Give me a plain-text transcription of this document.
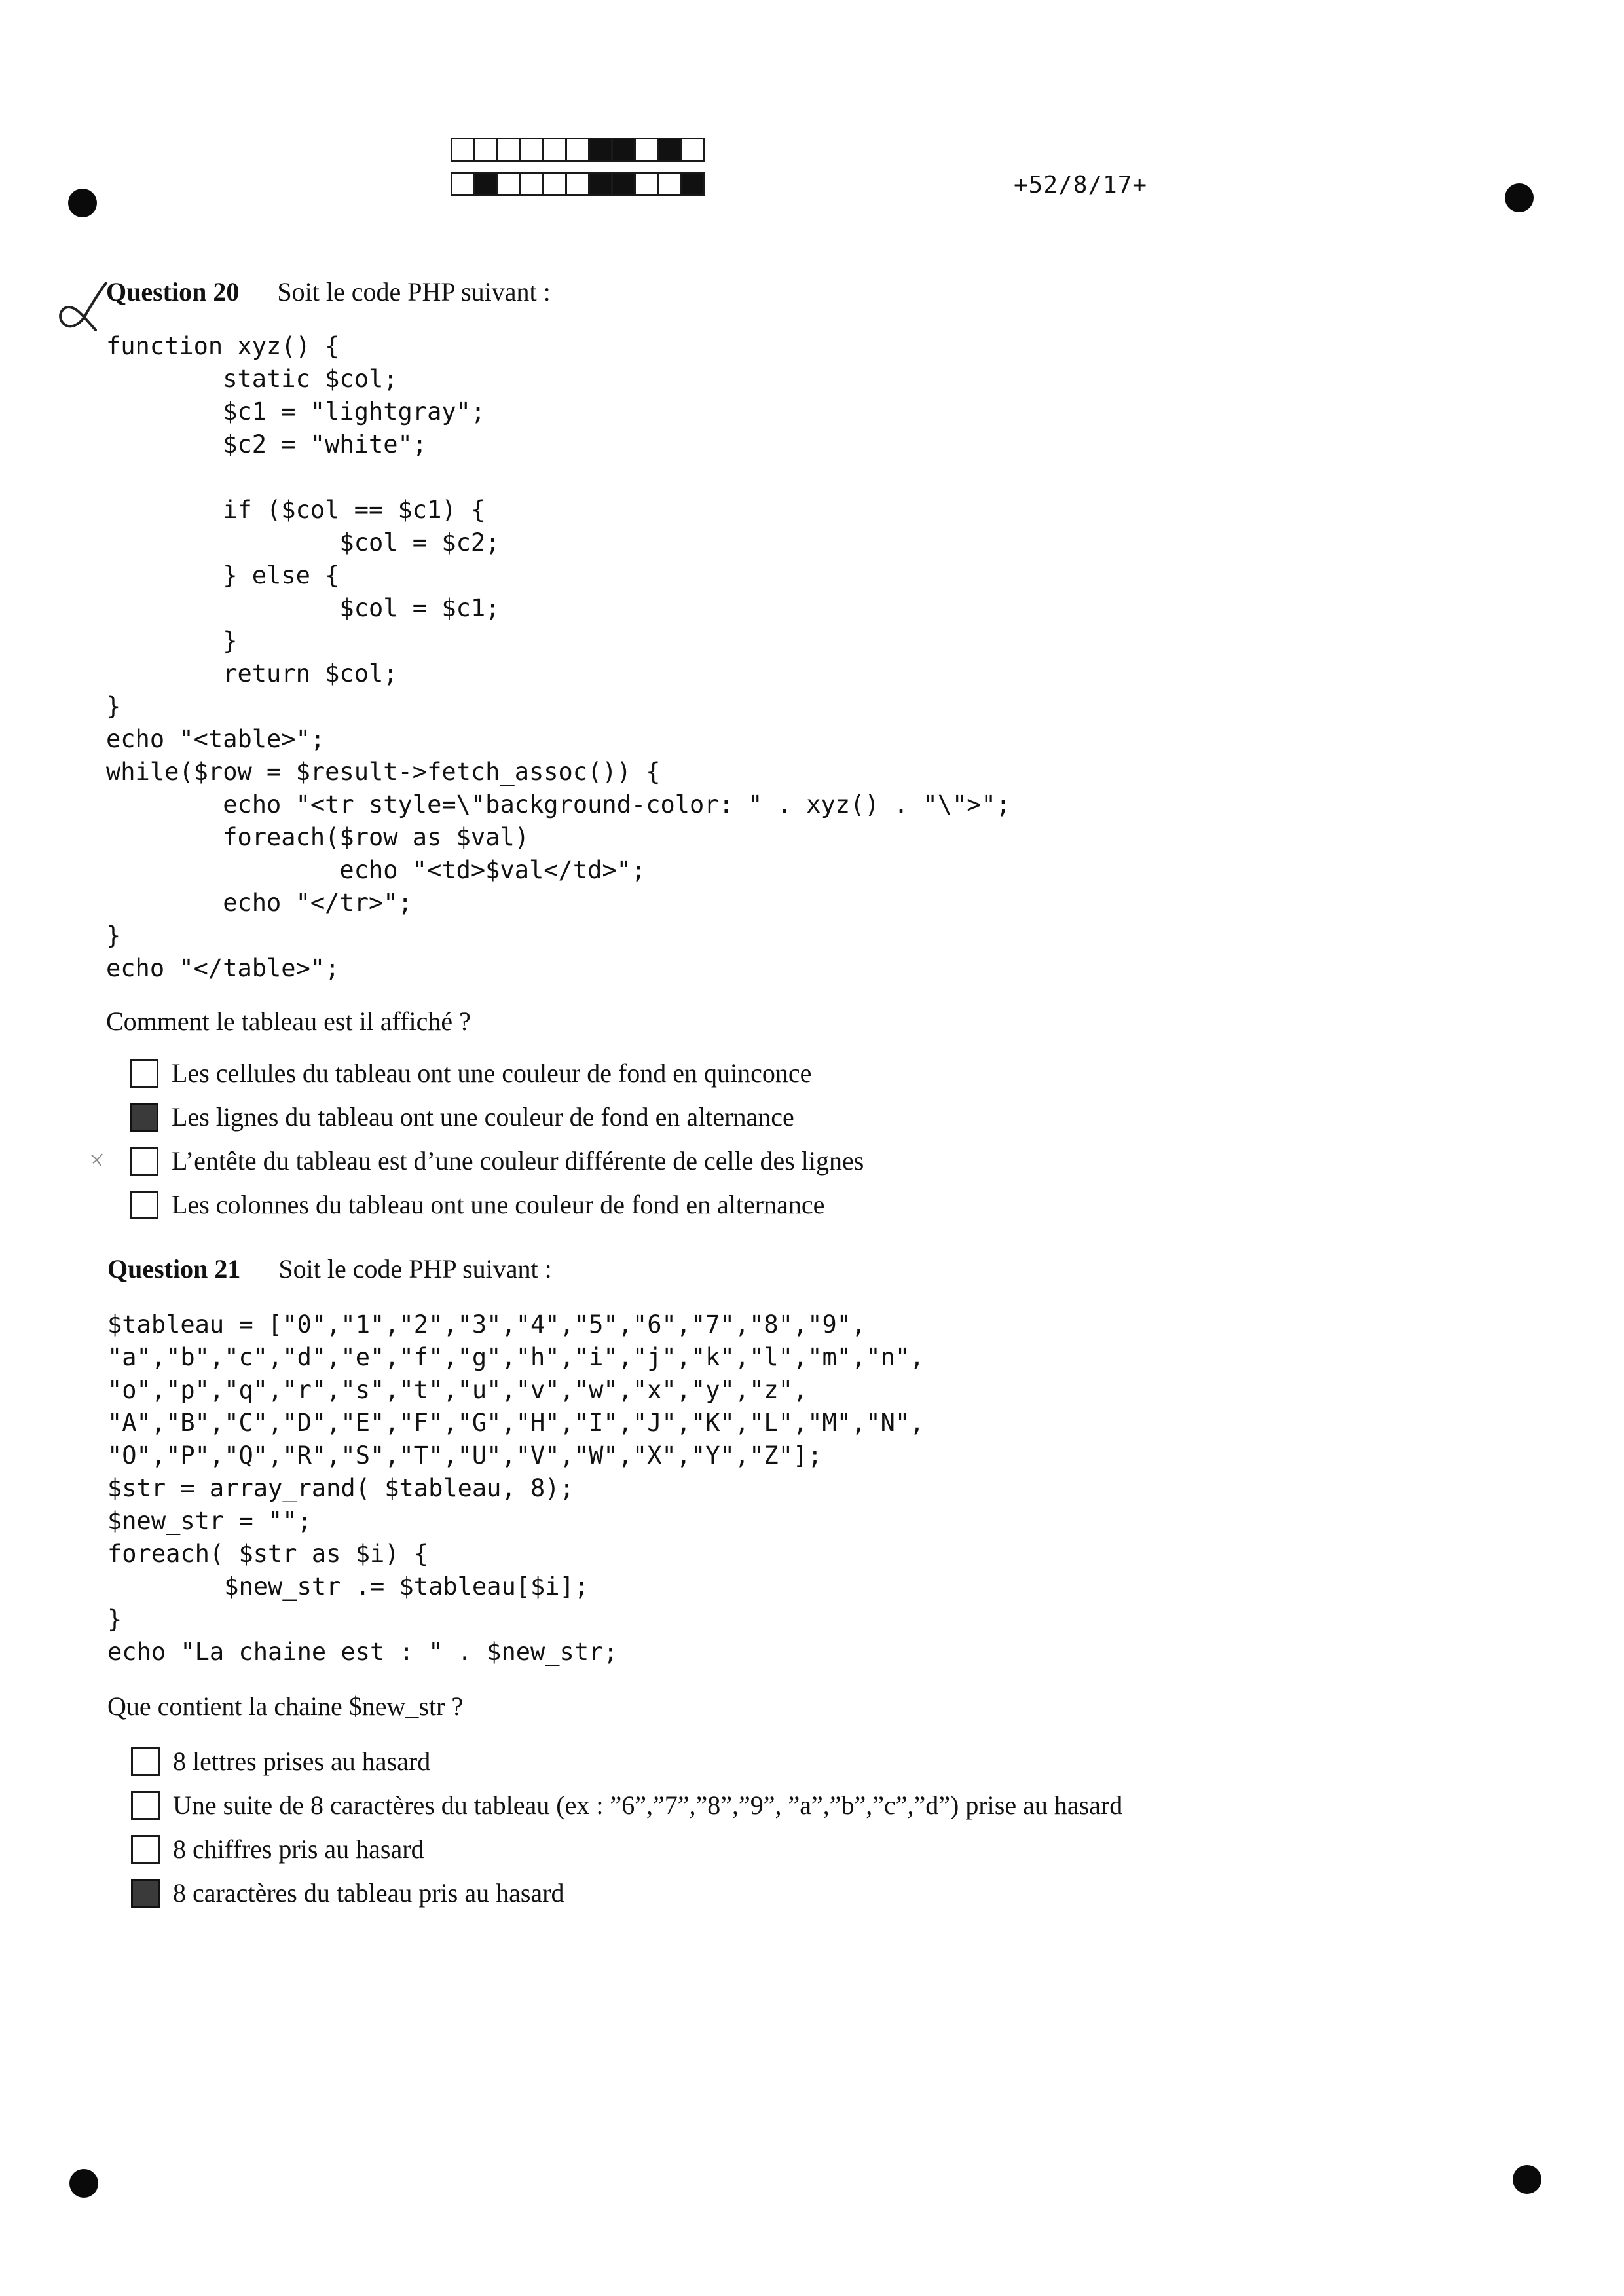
+52/8/17+
Question 20 Soit le code PHP suivant :
function xyz() {
static $col;
$c1 = "lightgray";
$c2 = "white";

if ($col == $c1) {
$col = $c2;
} else {
$col = $c1;
}
return $col;
}
echo "<table>";
while($row = $result->fetch_assoc()) {
echo "<tr style=\"background-color: " . xyz() . "\">";
foreach($row as $val)
echo "<td>$val</td>";
echo "</tr>";
}
echo "</table>";
Comment le tableau est il affiché ?
Les cellules du tableau ont une couleur de fond en quinconce
Les lignes du tableau ont une couleur de fond en alternance
L’entête du tableau est d’une couleur différente de celle des lignes
Les colonnes du tableau ont une couleur de fond en alternance
Question 21 Soit le code PHP suivant :
$tableau = ["0","1","2","3","4","5","6","7","8","9",
"a","b","c","d","e","f","g","h","i","j","k","l","m","n",
"o","p","q","r","s","t","u","v","w","x","y","z",
"A","B","C","D","E","F","G","H","I","J","K","L","M","N",
"O","P","Q","R","S","T","U","V","W","X","Y","Z"];
$str = array_rand( $tableau, 8);
$new_str = "";
foreach( $str as $i) {
$new_str .= $tableau[$i];
}
echo "La chaine est : " . $new_str;
Que contient la chaine $new_str ?
8 lettres prises au hasard
Une suite de 8 caractères du tableau (ex : ”6”,”7”,”8”,”9”, ”a”,”b”,”c”,”d”) prise au hasard
8 chiffres pris au hasard
8 caractères du tableau pris au hasard
